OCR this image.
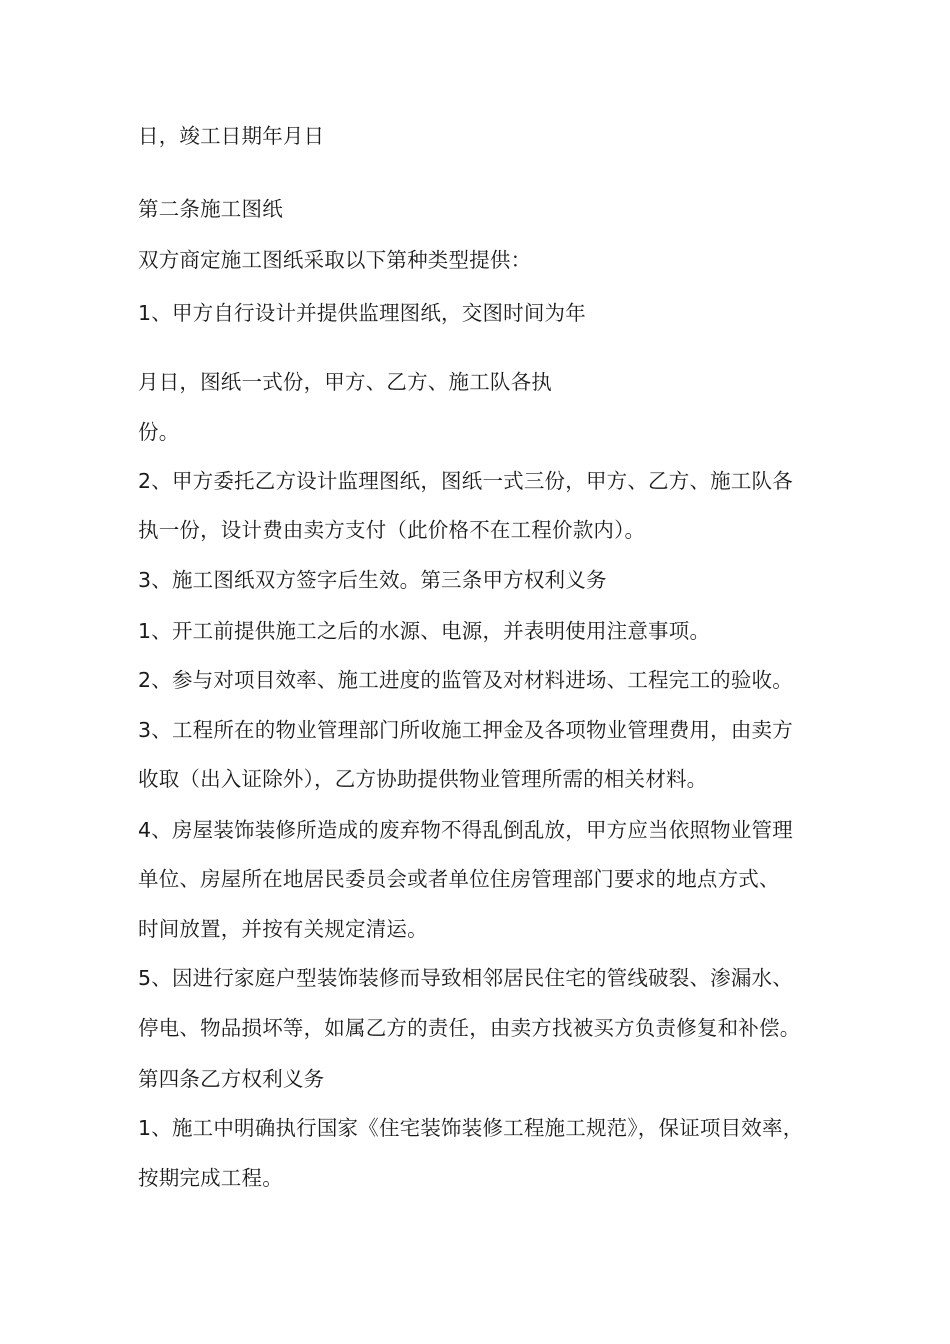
日，竣工日期年月日
第二条施工图纸
双方商定施工图纸采取以下第种类型提供：
1、甲方自行设计并提供监理图纸，交图时间为年
月日，图纸一式份，甲方、乙方、施工队各执
份。
2、甲方委托乙方设计监理图纸，图纸一式三份，甲方、乙方、施工队各
执一份，设计费由卖方支付（此价格不在工程价款内）。
3、施工图纸双方签字后生效。第三条甲方权利义务
1、开工前提供施工之后的水源、电源，并表明使用注意事项。
2、参与对项目效率、施工进度的监管及对材料进场、工程完工的验收。
3、工程所在的物业管理部门所收施工押金及各项物业管理费用，由卖方
收取（出入证除外），乙方协助提供物业管理所需的相关材料。
4、房屋装饰装修所造成的废弃物不得乱倒乱放，甲方应当依照物业管理
单位、房屋所在地居民委员会或者单位住房管理部门要求的地点方式、
时间放置，并按有关规定清运。
5、因进行家庭户型装饰装修而导致相邻居民住宅的管线破裂、渗漏水、
停电、物品损坏等，如属乙方的责任，由卖方找被买方负责修复和补偿。
第四条乙方权利义务
1、施工中明确执行国家《住宅装饰装修工程施工规范》，保证项目效率，
按期完成工程。
